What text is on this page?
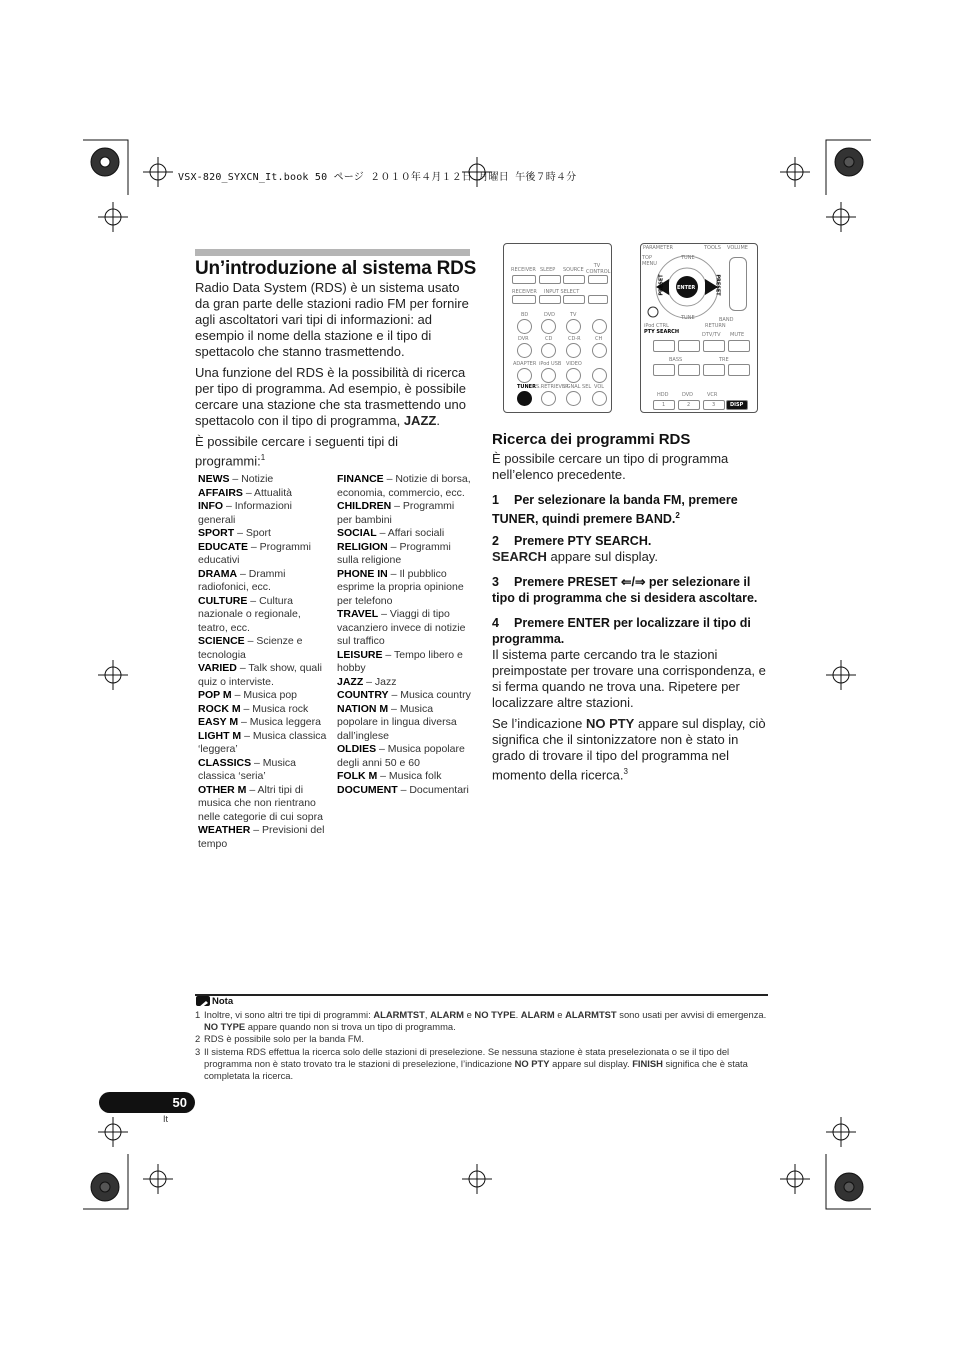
VSX-820_SYXCN_It.book 50 ページ ２０１０年４月１２日 月曜日 午後７時４分
Un’introduzione al sistema RDS

Radio Data System (RDS) è un sistema usato da gran parte delle stazioni radio FM per fornire agli ascoltatori vari tipi di informazioni: ad esempio il nome della stazione e il tipo di spettacolo che stanno trasmettendo.

Una funzione del RDS è la possibilità di ricerca per tipo di programma. Ad esempio, è possibile cercare una stazione che sta trasmettendo uno spettacolo con il tipo di programma, JAZZ.

È possibile cercare i seguenti tipi di programmi:$^1$

NEWS – Notizie
AFFAIRS – Attualità
INFO – Informazioni generali
SPORT – Sport
EDUCATE – Programmi educativi
DRAMA – Drammi radiofonici, ecc.
CULTURE – Cultura nazionale o regionale, teatro, ecc.
SCIENCE – Scienze e tecnologia
VARIED – Talk show, quali quiz o interviste.
POP M – Musica pop
ROCK M – Musica rock
EASY M – Musica leggera
LIGHT M – Musica classica ‘leggera’
CLASSICS – Musica classica ‘seria’
OTHER M – Altri tipi di musica che non rientrano nelle categorie di cui sopra
WEATHER – Previsioni del tempo
FINANCE – Notizie di borsa, economia, commercio, ecc.
CHILDREN – Programmi per bambini
SOCIAL – Affari sociali
RELIGION – Programmi sulla religione
PHONE IN – Il pubblico esprime la propria opinione per telefono
TRAVEL – Viaggi di tipo vacanziero invece di notizie sul traffico
LEISURE – Tempo libero e hobby
JAZZ – Jazz
COUNTRY – Musica country
NATION M – Musica popolare in lingua diversa dall’inglese
OLDIES – Musica popolare degli anni 50 e 60
FOLK M – Musica folk
DOCUMENT – Documentari
RECEIVER SLEEP SOURCE
TV CONTROL
RECEIVER INPUT SELECT
BD	DVD	TV
CH
DVR	CD	CD-R
ADAPTER iPod USB VIDEO
TUNER S.RETRIEVER
SIGNAL SEL VOL
PARAMETER	TOOLS VOLUME
TOP MENU
ENTER
TUNE
PRESET	PRESET
TUNE	BAND
RETURN
iPod CTRL
PTY SEARCH	DTV/TV MUTE
BASS	TRE
HDD	DVD	VCR
1	2	3	DISP
Ricerca dei programmi RDS
È possibile cercare un tipo di programma nell’elenco precedente.
1 Per selezionare la banda FM, premere TUNER, quindi premere BAND.$^2$
2 Premere PTY SEARCH.
SEARCH appare sul display.
3 Premere PRESET ⇐/⇒ per selezionare il tipo di programma che si desidera ascoltare.
4 Premere ENTER per localizzare il tipo di programma.

Il sistema parte cercando tra le stazioni preimpostate per trovare una corrispondenza, e si ferma quando ne trova una. Ripetere per localizzare altre stazioni.

Se l’indicazione NO PTY appare sul display, ciò significa che il sintonizzatore non è stato in grado di trovare il tipo del programma nel momento della ricerca.$^3$

Nota
1 Inoltre, vi sono altri tre tipi di programmi: ALARMTST, ALARM e NO TYPE. ALARM e ALARMTST sono usati per avvisi di emergenza. NO TYPE appare quando non si trova un tipo di programma.
2 RDS è possibile solo per la banda FM.
3 Il sistema RDS effettua la ricerca solo delle stazioni di preselezione. Se nessuna stazione è stata preselezionata o se il tipo del programma non è stato trovato tra le stazioni di preselezione, l’indicazione NO PTY appare sul display. FINISH significa che è stata completata la ricerca.
50
It
